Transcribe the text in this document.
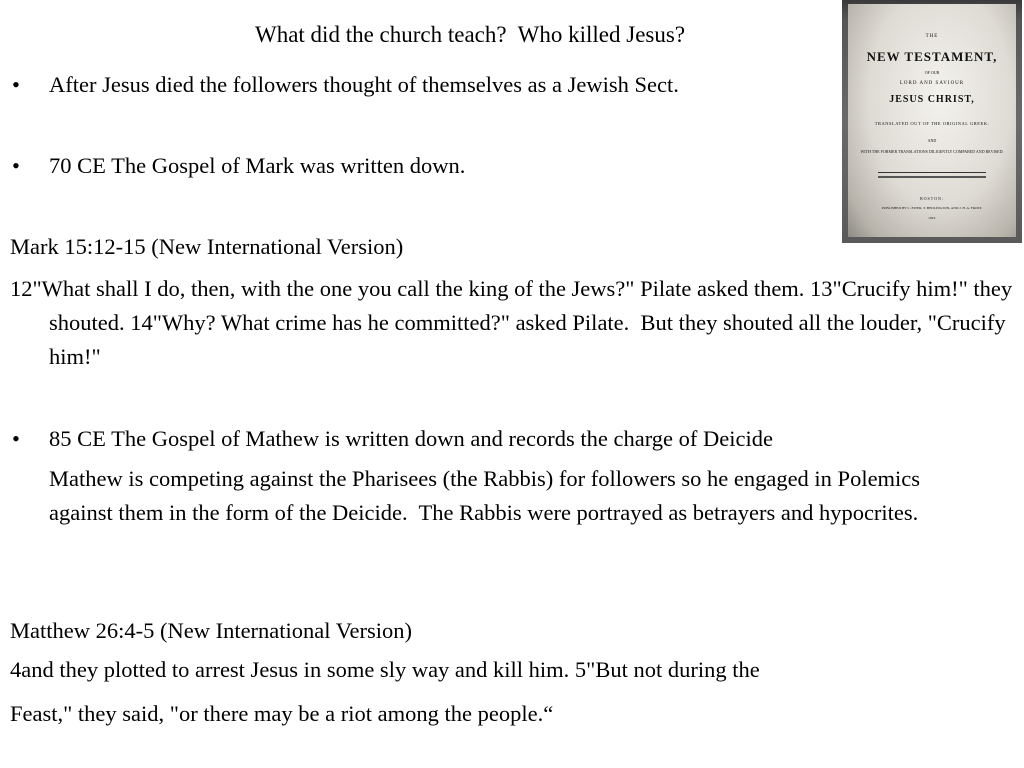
What did the church teach?  Who killed Jesus?
• After Jesus died the followers thought of themselves as a Jewish Sect.
• 70 CE The Gospel of Mark was written down.
Mark 15:12-15 (New International Version)
12"What shall I do, then, with the one you call the king of the Jews?" Pilate asked them. 13"Crucify him!" they shouted. 14"Why? What crime has he committed?" asked Pilate.  But they shouted all the louder, "Crucify him!"
• 85 CE The Gospel of Mathew is written down and records the charge of Deicide
Mathew is competing against the Pharisees (the Rabbis) for followers so he engaged in Polemics against them in the form of the Deicide.  The Rabbis were portrayed as betrayers and hypocrites.
Matthew 26:4-5 (New International Version)
4and they plotted to arrest Jesus in some sly way and kill him. 5"But not during the
Feast," they said, "or there may be a riot among the people.“
THE
NEW TESTAMENT,
OF OUR
LORD AND SAVIOUR
JESUS CHRIST,
TRANSLATED OUT OF THE ORIGINAL GREEK:
AND
WITH THE FORMER TRANSLATIONS DILIGENTLY COMPARED AND REVISED.
BOSTON:
PUBLISHED BY C. EWER, T. BEDLINGTON, AND J. H. A. FROST.
1823.
